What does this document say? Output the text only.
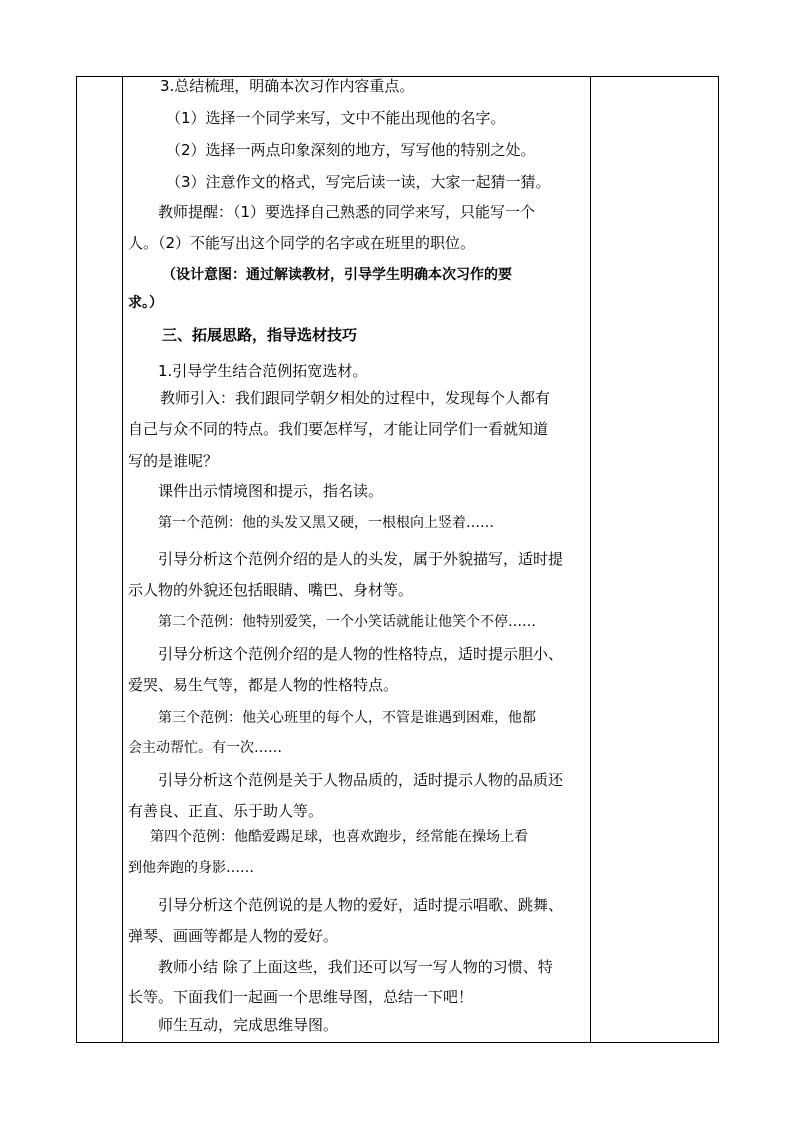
3.总结梳理，明确本次习作内容重点。
（1）选择一个同学来写，文中不能出现他的名字。
（2）选择一两点印象深刻的地方，写写他的特别之处。
（3）注意作文的格式，写完后读一读，大家一起猜一猜。
教师提醒：（1）要选择自己熟悉的同学来写，只能写一个
人。（2）不能写出这个同学的名字或在班里的职位。
（设计意图：通过解读教材，引导学生明确本次习作的要
求。）
三、拓展思路，指导选材技巧
1.引导学生结合范例拓宽选材。
教师引入：我们跟同学朝夕相处的过程中，发现每个人都有
自己与众不同的特点。我们要怎样写，才能让同学们一看就知道
写的是谁呢？
课件出示情境图和提示，指名读。
第一个范例：他的头发又黑又硬，一根根向上竖着……
引导分析这个范例介绍的是人的头发，属于外貌描写，适时提
示人物的外貌还包括眼睛、嘴巴、身材等。
第二个范例：他特别爱笑，一个小笑话就能让他笑个不停……
引导分析这个范例介绍的是人物的性格特点，适时提示胆小、
爱哭、易生气等，都是人物的性格特点。
第三个范例：他关心班里的每个人，不管是谁遇到困难，他都
会主动帮忙。有一次……
引导分析这个范例是关于人物品质的，适时提示人物的品质还
有善良、正直、乐于助人等。
第四个范例：他酷爱踢足球，也喜欢跑步，经常能在操场上看
到他奔跑的身影……
引导分析这个范例说的是人物的爱好，适时提示唱歌、跳舞、
弹琴、画画等都是人物的爱好。
教师小结 除了上面这些，我们还可以写一写人物的习惯、特
长等。下面我们一起画一个思维导图，总结一下吧！
师生互动，完成思维导图。
